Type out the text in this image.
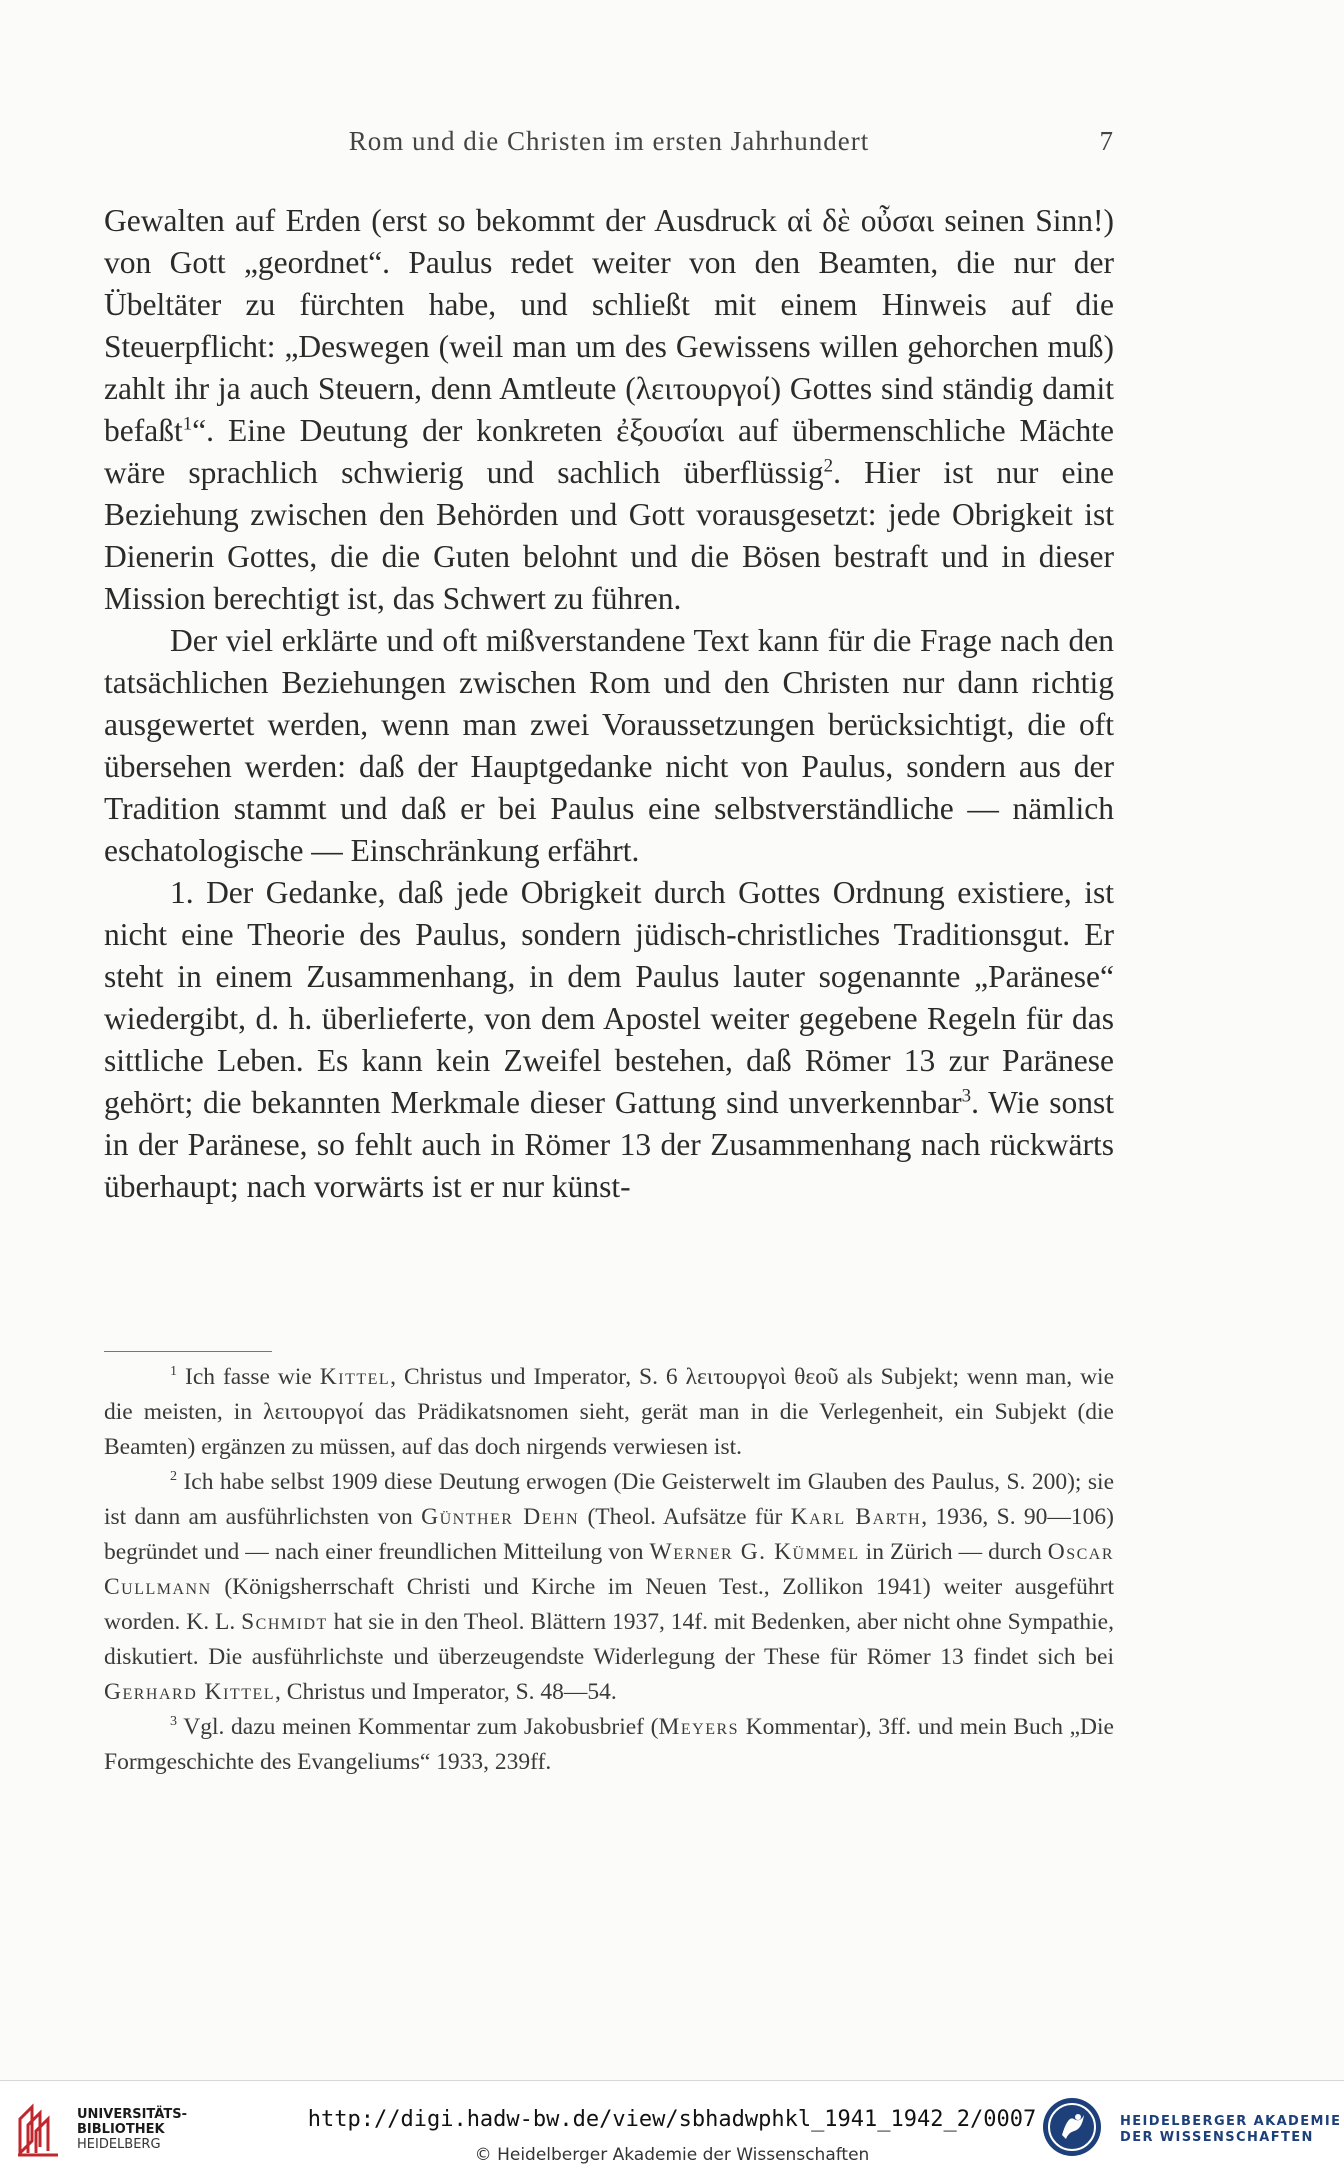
Rom und die Christen im ersten Jahrhundert	7

Gewalten auf Erden (erst so bekommt der Ausdruck αἱ δὲ οὖσαι seinen Sinn!) von Gott „geordnet“. Paulus redet weiter von den Beamten, die nur der Übeltäter zu fürchten habe, und schließt mit einem Hinweis auf die Steuerpflicht: „Deswegen (weil man um des Gewissens willen gehorchen muß) zahlt ihr ja auch Steuern, denn Amtleute (λειτουργοί) Gottes sind ständig damit befaßt$^1$“. Eine Deutung der konkreten ἐξουσίαι auf übermenschliche Mächte wäre sprachlich schwierig und sachlich überflüssig$^2$. Hier ist nur eine Beziehung zwischen den Behörden und Gott vorausgesetzt: jede Obrigkeit ist Dienerin Gottes, die die Guten belohnt und die Bösen bestraft und in dieser Mission berechtigt ist, das Schwert zu führen.

Der viel erklärte und oft mißverstandene Text kann für die Frage nach den tatsächlichen Beziehungen zwischen Rom und den Christen nur dann richtig ausgewertet werden, wenn man zwei Voraussetzungen berücksichtigt, die oft übersehen werden: daß der Hauptgedanke nicht von Paulus, sondern aus der Tradition stammt und daß er bei Paulus eine selbstverständliche — nämlich eschatologische — Einschränkung erfährt.

1. Der Gedanke, daß jede Obrigkeit durch Gottes Ordnung existiere, ist nicht eine Theorie des Paulus, sondern jüdisch-christliches Traditionsgut. Er steht in einem Zusammenhang, in dem Paulus lauter sogenannte „Paränese“ wiedergibt, d. h. überlieferte, von dem Apostel weiter gegebene Regeln für das sittliche Leben. Es kann kein Zweifel bestehen, daß Römer 13 zur Paränese gehört; die bekannten Merkmale dieser Gattung sind unverkennbar$^3$. Wie sonst in der Paränese, so fehlt auch in Römer 13 der Zusammenhang nach rückwärts überhaupt; nach vorwärts ist er nur künst-

$^1$ Ich fasse wie Kittel, Christus und Imperator, S. 6 λειτουργοὶ θεοῦ als Subjekt; wenn man, wie die meisten, in λειτουργοί das Prädikatsnomen sieht, gerät man in die Verlegenheit, ein Subjekt (die Beamten) ergänzen zu müssen, auf das doch nirgends verwiesen ist.

$^2$ Ich habe selbst 1909 diese Deutung erwogen (Die Geisterwelt im Glauben des Paulus, S. 200); sie ist dann am ausführlichsten von Günther Dehn (Theol. Aufsätze für Karl Barth, 1936, S. 90—106) begründet und — nach einer freundlichen Mitteilung von Werner G. Kümmel in Zürich — durch Oscar Cullmann (Königsherrschaft Christi und Kirche im Neuen Test., Zollikon 1941) weiter ausgeführt worden. K. L. Schmidt hat sie in den Theol. Blättern 1937, 14f. mit Bedenken, aber nicht ohne Sympathie, diskutiert. Die ausführlichste und überzeugendste Widerlegung der These für Römer 13 findet sich bei Gerhard Kittel, Christus und Imperator, S. 48—54.

$^3$ Vgl. dazu meinen Kommentar zum Jakobusbrief (Meyers Kommentar), 3ff. und mein Buch „Die Formgeschichte des Evangeliums“ 1933, 239ff.

UNIVERSITÄTS-
BIBLIOTHEK
HEIDELBERG
http://digi.hadw-bw.de/view/sbhadwphkl_1941_1942_2/0007
© Heidelberger Akademie der Wissenschaften
HEIDELBERGER AKADEMIE
DER WISSENSCHAFTEN
